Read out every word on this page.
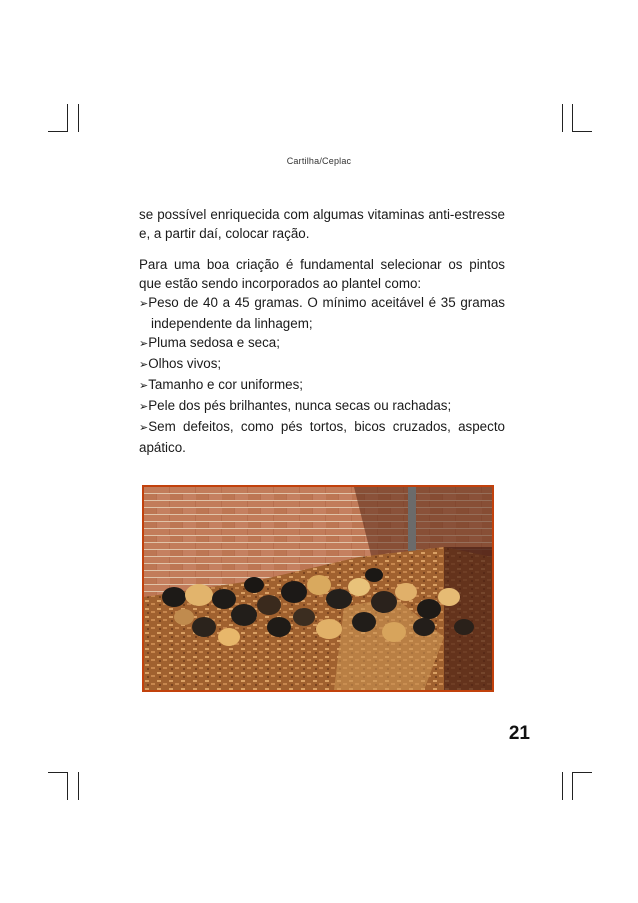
Cartilha/Ceplac

se possível enriquecida com algumas vitaminas anti-estresse e, a partir daí, colocar ração.

Para uma boa criação é fundamental selecionar os pintos que estão sendo incorporados ao plantel como:

➢Peso de 40 a 45 gramas. O mínimo aceitável é 35 gramas independente da linhagem;

➢Pluma sedosa e seca;

➢Olhos vivos;

➢Tamanho e cor uniformes;

➢Pele dos pés brilhantes, nunca secas ou rachadas;

➢Sem defeitos, como pés tortos, bicos cruzados, aspecto apático.

21
